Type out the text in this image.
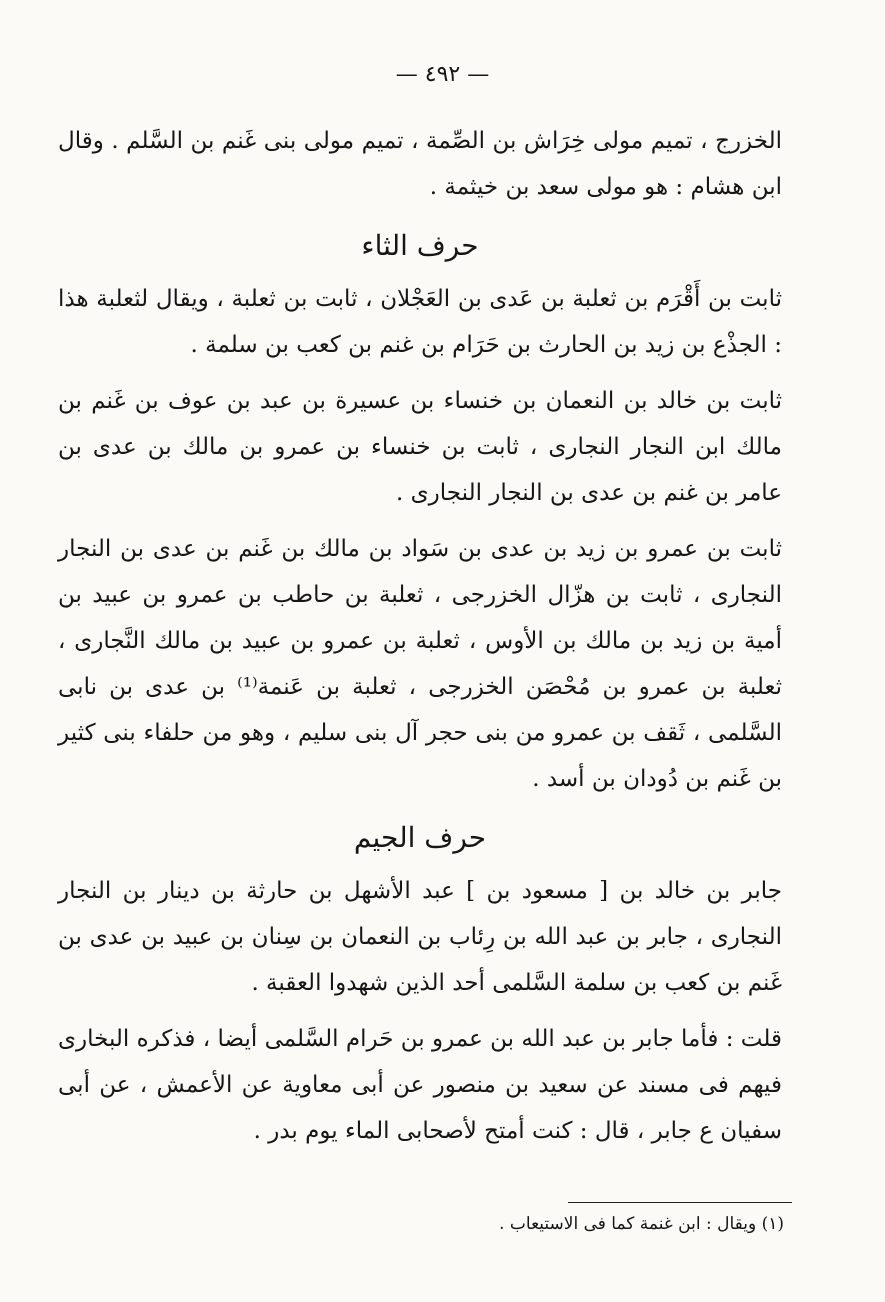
— ٤٩٢ —

الخزرج ، تميم مولى خِرَاش بن الصِّمة ، تميم مولى بنى غَنم بن السَّلم . وقال ابن هشام : هو مولى سعد بن خيثمة .

حرف الثاء

ثابت بن أَقْرَم بن ثعلبة بن عَدى بن العَجْلان ، ثابت بن ثعلبة ، ويقال لثعلبة هذا : الجذْع بن زيد بن الحارث بن حَرَام بن غنم بن كعب بن سلمة .

ثابت بن خالد بن النعمان بن خنساء بن عسيرة بن عبد بن عوف بن غَنم بن مالك ابن النجار النجارى ، ثابت بن خنساء بن عمرو بن مالك بن عدى بن عامر بن غنم بن عدى بن النجار النجارى .

ثابت بن عمرو بن زيد بن عدى بن سَواد بن مالك بن غَنم بن عدى بن النجار النجارى ، ثابت بن هزّال الخزرجى ، ثعلبة بن حاطب بن عمرو بن عبيد بن أمية بن زيد بن مالك بن الأوس ، ثعلبة بن عمرو بن عبيد بن مالك النَّجارى ، ثعلبة بن عمرو بن مُحْصَن الخزرجى ، ثعلبة بن عَنمة⁽¹⁾ بن عدى بن نابى السَّلمى ، ثَقف بن عمرو من بنى حجر آل بنى سليم ، وهو من حلفاء بنى كثير بن غَنم بن دُودان بن أسد .

حرف الجيم

جابر بن خالد بن [ مسعود بن ] عبد الأشهل بن حارثة بن دينار بن النجار النجارى ، جابر بن عبد الله بن رِئاب بن النعمان بن سِنان بن عبيد بن عدى بن غَنم بن كعب بن سلمة السَّلمى أحد الذين شهدوا العقبة .

قلت : فأما جابر بن عبد الله بن عمرو بن حَرام السَّلمى أيضا ، فذكره البخارى فيهم فى مسند عن سعيد بن منصور عن أبى معاوية عن الأعمش ، عن أبى سفيان ع جابر ، قال : كنت أمتح لأصحابى الماء يوم بدر .

(١) ويقال : ابن غنمة كما فى الاستيعاب .
